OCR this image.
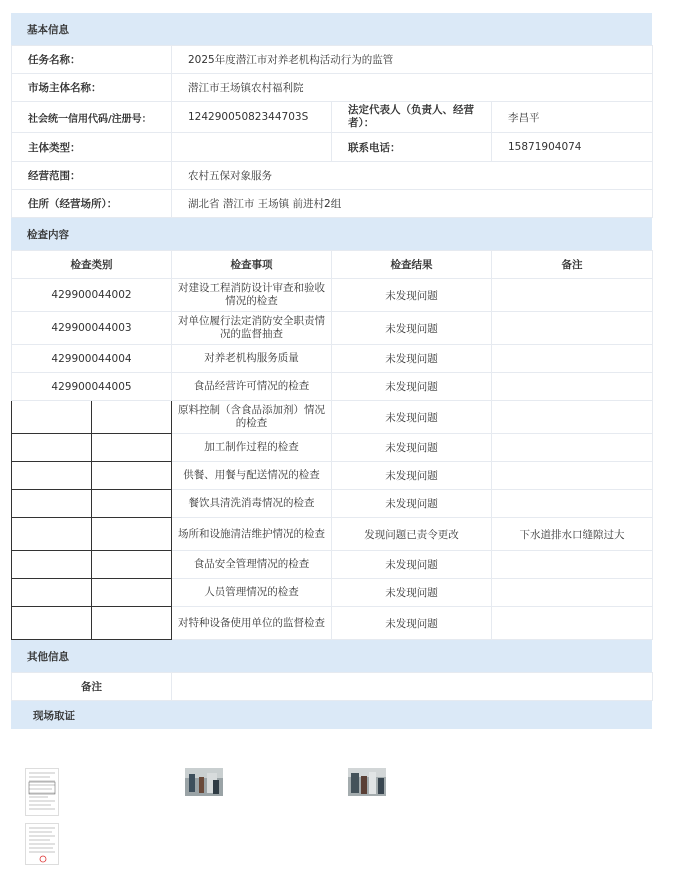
基本信息
任务名称：	2025年度潜江市对养老机构活动行为的监管		
市场主体名称：	潜江市王场镇农村福利院		
社会统一信用代码/注册号：	12429005082344703S	法定代表人（负责人、经营者）：	李昌平
主体类型：		联系电话：	15871904074
经营范围：	农村五保对象服务		
住所（经营场所）：	湖北省 潜江市 王场镇 前进村2组		
检查内容
检查类别		检查事项	检查结果	备注
429900044002		对建设工程消防设计审查和验收情况的检查	未发现问题	
429900044003		对单位履行法定消防安全职责情况的监督抽查	未发现问题	
429900044004		对养老机构服务质量	未发现问题	
429900044005		食品经营许可情况的检查	未发现问题	
		原料控制（含食品添加剂）情况的检查	未发现问题	
		加工制作过程的检查	未发现问题	
		供餐、用餐与配送情况的检查	未发现问题	
		餐饮具清洗消毒情况的检查	未发现问题	
		场所和设施清洁维护情况的检查	发现问题已责令更改	下水道排水口缝隙过大
		食品安全管理情况的检查	未发现问题	
		人员管理情况的检查	未发现问题	
		对特种设备使用单位的监督检查	未发现问题	
其他信息
备注	
现场取证
